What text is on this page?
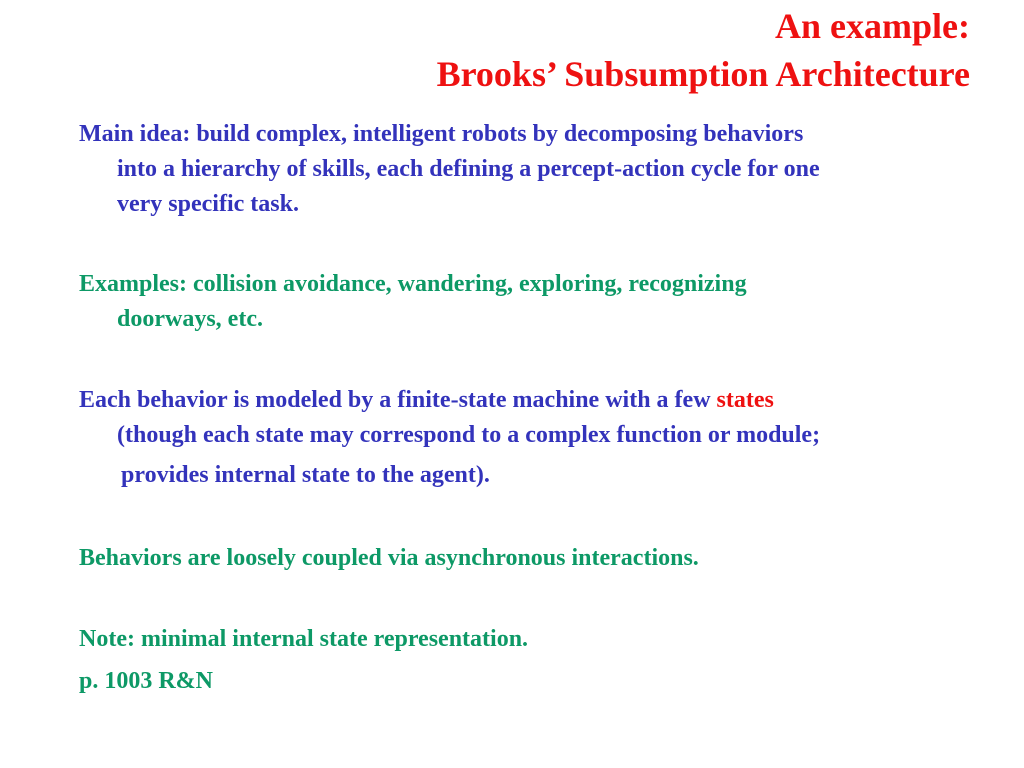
An example:
Brooks’ Subsumption Architecture

Main idea: build complex, intelligent robots by decomposing behaviors
into a hierarchy of skills, each defining a percept-action cycle for one
very specific task.

Examples: collision avoidance, wandering, exploring, recognizing
doorways, etc.

Each behavior is modeled by a finite-state machine with a few states
(though each state may correspond to a complex function or module;
provides internal state to the agent).

Behaviors are loosely coupled via asynchronous interactions.

Note: minimal internal state representation.

p. 1003 R&N
